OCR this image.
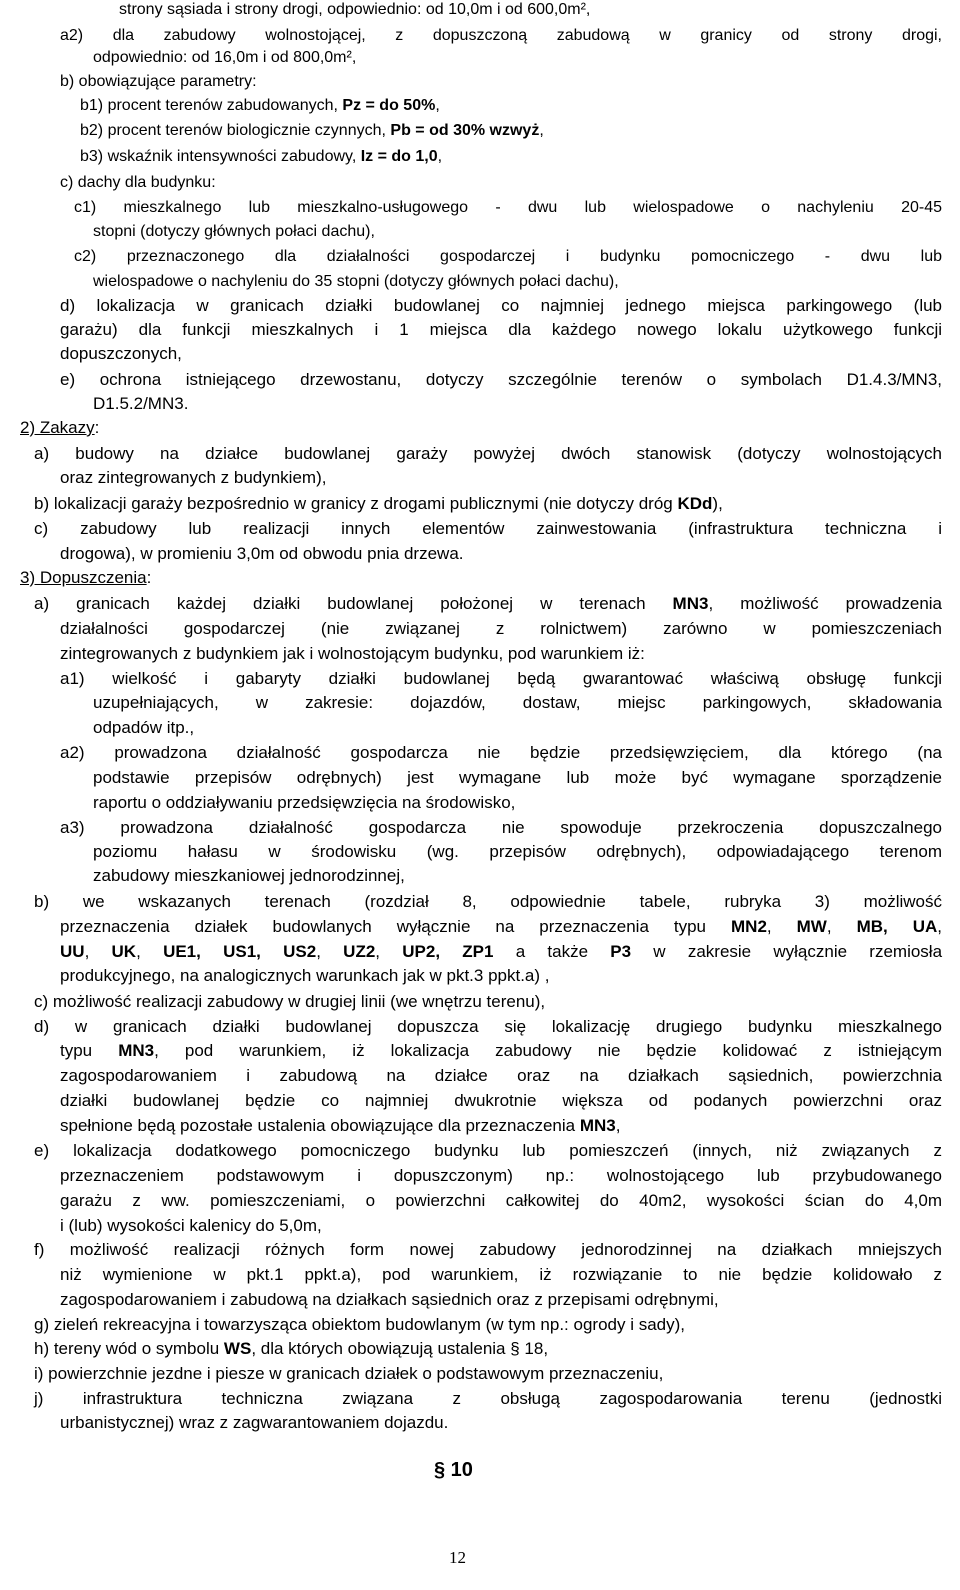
strony sąsiada i strony drogi, odpowiednio: od 10,0m i od 600,0m²,
a2) dla zabudowy wolnostojącej, z dopuszczoną zabudową w granicy od strony drogi,
odpowiednio: od 16,0m i od 800,0m²,
b) obowiązujące parametry:
b1) procent terenów zabudowanych, Pz = do 50%,
b2) procent terenów biologicznie czynnych, Pb = od 30% wzwyż,
b3) wskaźnik intensywności zabudowy, Iz = do 1,0,
c) dachy dla budynku:
c1) mieszkalnego lub mieszkalno-usługowego - dwu lub wielospadowe o nachyleniu 20-45
stopni (dotyczy głównych połaci dachu),
c2) przeznaczonego dla działalności gospodarczej i budynku pomocniczego - dwu lub
wielospadowe o nachyleniu do 35 stopni (dotyczy głównych połaci dachu),
d) lokalizacja w granicach działki budowlanej co najmniej jednego miejsca parkingowego (lub
garażu) dla funkcji mieszkalnych i 1 miejsca dla każdego nowego lokalu użytkowego funkcji
dopuszczonych,
e) ochrona istniejącego drzewostanu, dotyczy szczególnie terenów o symbolach D1.4.3/MN3,
D1.5.2/MN3.
2) Zakazy:
a) budowy na działce budowlanej garaży powyżej dwóch stanowisk (dotyczy wolnostojących
oraz zintegrowanych z budynkiem),
b) lokalizacji garaży bezpośrednio w granicy z drogami publicznymi (nie dotyczy dróg KDd),
c) zabudowy lub realizacji innych elementów zainwestowania (infrastruktura techniczna i
drogowa), w promieniu 3,0m od obwodu pnia drzewa.
3) Dopuszczenia:
a) granicach każdej działki budowlanej położonej w terenach MN3, możliwość prowadzenia
działalności gospodarczej (nie związanej z rolnictwem) zarówno w pomieszczeniach
zintegrowanych z budynkiem jak i wolnostojącym budynku, pod warunkiem iż:
a1) wielkość i gabaryty działki budowlanej będą gwarantować właściwą obsługę funkcji
uzupełniających, w zakresie: dojazdów, dostaw, miejsc parkingowych, składowania
odpadów itp.,
a2) prowadzona działalność gospodarcza nie będzie przedsięwzięciem, dla którego (na
podstawie przepisów odrębnych) jest wymagane lub może być wymagane sporządzenie
raportu o oddziaływaniu przedsięwzięcia na środowisko,
a3) prowadzona działalność gospodarcza nie spowoduje przekroczenia dopuszczalnego
poziomu hałasu w środowisku (wg. przepisów odrębnych), odpowiadającego terenom
zabudowy mieszkaniowej jednorodzinnej,
b) we wskazanych terenach (rozdział 8, odpowiednie tabele, rubryka 3) możliwość
przeznaczenia działek budowlanych wyłącznie na przeznaczenia typu MN2, MW, MB, UA,
UU, UK, UE1, US1, US2, UZ2, UP2, ZP1 a także P3 w zakresie wyłącznie rzemiosła
produkcyjnego, na analogicznych warunkach jak w pkt.3 ppkt.a) ,
c) możliwość realizacji zabudowy w drugiej linii (we wnętrzu terenu),
d) w granicach działki budowlanej dopuszcza się lokalizację drugiego budynku mieszkalnego
typu MN3, pod warunkiem, iż lokalizacja zabudowy nie będzie kolidować z istniejącym
zagospodarowaniem i zabudową na działce oraz na działkach sąsiednich, powierzchnia
działki budowlanej będzie co najmniej dwukrotnie większa od podanych powierzchni oraz
spełnione będą pozostałe ustalenia obowiązujące dla przeznaczenia MN3,
e) lokalizacja dodatkowego pomocniczego budynku lub pomieszczeń (innych, niż związanych z
przeznaczeniem podstawowym i dopuszczonym) np.: wolnostojącego lub przybudowanego
garażu z ww. pomieszczeniami, o powierzchni całkowitej do 40m2, wysokości ścian do 4,0m
i (lub) wysokości kalenicy do 5,0m,
f) możliwość realizacji różnych form nowej zabudowy jednorodzinnej na działkach mniejszych
niż wymienione w pkt.1 ppkt.a), pod warunkiem, iż rozwiązanie to nie będzie kolidowało z
zagospodarowaniem i zabudową na działkach sąsiednich oraz z przepisami odrębnymi,
g) zieleń rekreacyjna i towarzysząca obiektom budowlanym (w tym np.: ogrody i sady),
h) tereny wód o symbolu WS, dla których obowiązują ustalenia § 18,
i) powierzchnie jezdne i piesze w granicach działek o podstawowym przeznaczeniu,
j) infrastruktura techniczna związana z obsługą zagospodarowania terenu (jednostki
urbanistycznej) wraz z zagwarantowaniem dojazdu.
§ 10
12
